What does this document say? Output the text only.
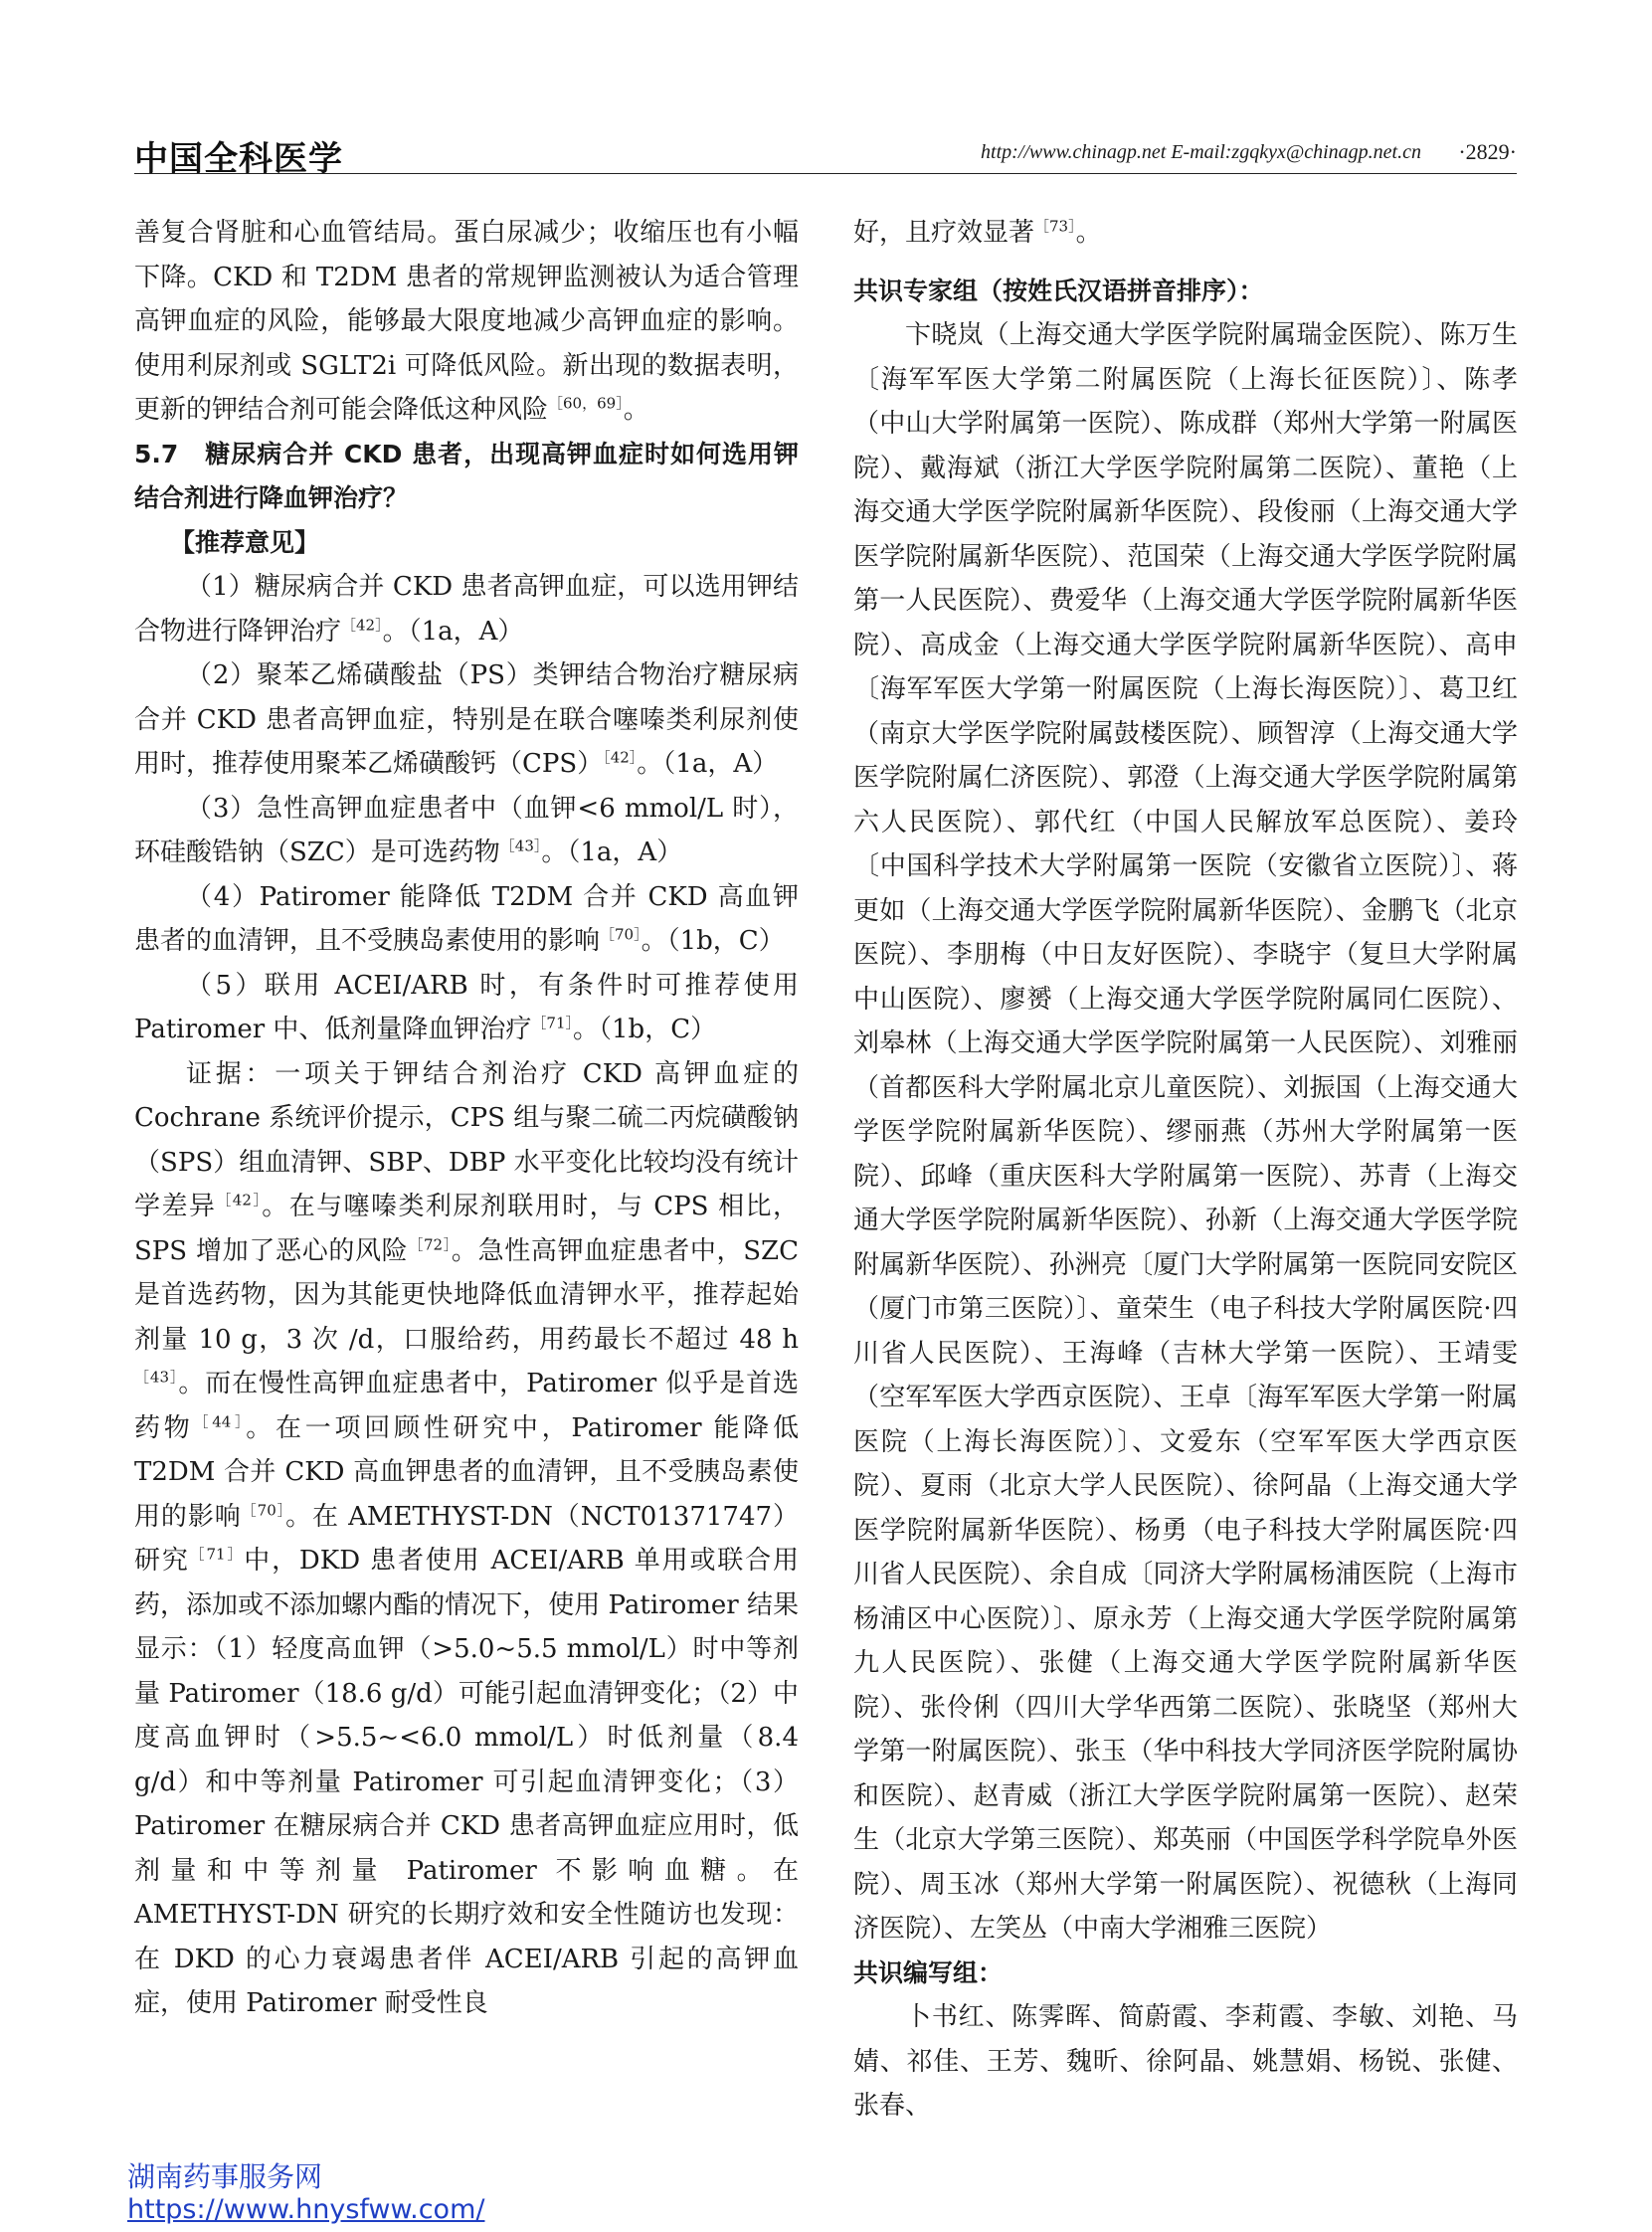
中国全科医学	http://www.chinagp.net E-mail:zgqkyx@chinagp.net.cn ·2829·

善复合肾脏和心血管结局。蛋白尿减少；收缩压也有小幅下降。CKD 和 T2DM 患者的常规钾监测被认为适合管理高钾血症的风险，能够最大限度地减少高钾血症的影响。使用利尿剂或 SGLT2i 可降低风险。新出现的数据表明，更新的钾结合剂可能会降低这种风险$^{[60,69]}$。

5.7　糖尿病合并 CKD 患者，出现高钾血症时如何选用钾结合剂进行降血钾治疗？

【推荐意见】

（1）糖尿病合并 CKD 患者高钾血症，可以选用钾结合物进行降钾治疗$^{[42]}$。（1a，A）

（2）聚苯乙烯磺酸盐（PS）类钾结合物治疗糖尿病合并 CKD 患者高钾血症，特别是在联合噻嗪类利尿剂使用时，推荐使用聚苯乙烯磺酸钙（CPS）$^{[42]}$。（1a，A）

（3）急性高钾血症患者中（血钾<6 mmol/L 时），环硅酸锆钠（SZC）是可选药物$^{[43]}$。（1a，A）

（4）Patiromer 能降低 T2DM 合并 CKD 高血钾患者的血清钾，且不受胰岛素使用的影响$^{[70]}$。（1b，C）

（5）联用 ACEI/ARB 时，有条件时可推荐使用 Patiromer 中、低剂量降血钾治疗$^{[71]}$。（1b，C）

证据：一项关于钾结合剂治疗 CKD 高钾血症的 Cochrane 系统评价提示，CPS 组与聚二硫二丙烷磺酸钠（SPS）组血清钾、SBP、DBP 水平变化比较均没有统计学差异$^{[42]}$。在与噻嗪类利尿剂联用时，与 CPS 相比，SPS 增加了恶心的风险$^{[72]}$。急性高钾血症患者中，SZC 是首选药物，因为其能更快地降低血清钾水平，推荐起始剂量 10 g，3 次 /d，口服给药，用药最长不超过 48 $h^{[43]}$。而在慢性高钾血症患者中，Patiromer 似乎是首选药物$^{[44]}$。在一项回顾性研究中，Patiromer 能降低 T2DM 合并 CKD 高血钾患者的血清钾，且不受胰岛素使用的影响$^{[70]}$。在 AMETHYST-DN（NCT01371747）研究$^{[71]}$中，DKD 患者使用 ACEI/ARB 单用或联合用药，添加或不添加螺内酯的情况下，使用 Patiromer 结果显示：（1）轻度高血钾（>5.0~5.5 mmol/L）时中等剂量 Patiromer（18.6 g/d）可能引起血清钾变化；（2）中度高血钾时（>5.5~<6.0 mmol/L）时低剂量（8.4 g/d）和中等剂量 Patiromer 可引起血清钾变化；（3）Patiromer 在糖尿病合并 CKD 患者高钾血症应用时，低剂量和中等剂量 Patiromer 不影响血糖。在 AMETHYST-DN 研究的长期疗效和安全性随访也发现：在 DKD 的心力衰竭患者伴 ACEI/ARB 引起的高钾血症，使用 Patiromer 耐受性良

好，且疗效显著$^{[73]}$。

共识专家组（按姓氏汉语拼音排序）：

卞晓岚（上海交通大学医学院附属瑞金医院）、陈万生〔海军军医大学第二附属医院（上海长征医院）〕、陈孝（中山大学附属第一医院）、陈成群（郑州大学第一附属医院）、戴海斌（浙江大学医学院附属第二医院）、董艳（上海交通大学医学院附属新华医院）、段俊丽（上海交通大学医学院附属新华医院）、范国荣（上海交通大学医学院附属第一人民医院）、费爱华（上海交通大学医学院附属新华医院）、高成金（上海交通大学医学院附属新华医院）、高申〔海军军医大学第一附属医院（上海长海医院）〕、葛卫红（南京大学医学院附属鼓楼医院）、顾智淳（上海交通大学医学院附属仁济医院）、郭澄（上海交通大学医学院附属第六人民医院）、郭代红（中国人民解放军总医院）、姜玲〔中国科学技术大学附属第一医院（安徽省立医院）〕、蒋更如（上海交通大学医学院附属新华医院）、金鹏飞（北京医院）、李朋梅（中日友好医院）、李晓宇（复旦大学附属中山医院）、廖赟（上海交通大学医学院附属同仁医院）、刘皋林（上海交通大学医学院附属第一人民医院）、刘雅丽（首都医科大学附属北京儿童医院）、刘振国（上海交通大学医学院附属新华医院）、缪丽燕（苏州大学附属第一医院）、邱峰（重庆医科大学附属第一医院）、苏青（上海交通大学医学院附属新华医院）、孙新（上海交通大学医学院附属新华医院）、孙洲亮〔厦门大学附属第一医院同安院区（厦门市第三医院）〕、童荣生（电子科技大学附属医院·四川省人民医院）、王海峰（吉林大学第一医院）、王靖雯（空军军医大学西京医院）、王卓〔海军军医大学第一附属医院（上海长海医院）〕、文爱东（空军军医大学西京医院）、夏雨（北京大学人民医院）、徐阿晶（上海交通大学医学院附属新华医院）、杨勇（电子科技大学附属医院·四川省人民医院）、余自成〔同济大学附属杨浦医院（上海市杨浦区中心医院）〕、原永芳（上海交通大学医学院附属第九人民医院）、张健（上海交通大学医学院附属新华医院）、张伶俐（四川大学华西第二医院）、张晓坚（郑州大学第一附属医院）、张玉（华中科技大学同济医学院附属协和医院）、赵青威（浙江大学医学院附属第一医院）、赵荣生（北京大学第三医院）、郑英丽（中国医学科学院阜外医院）、周玉冰（郑州大学第一附属医院）、祝德秋（上海同济医院）、左笑丛（中南大学湘雅三医院）

共识编写组：

卜书红、陈霁晖、简蔚霞、李莉霞、李敏、刘艳、马婧、祁佳、王芳、魏昕、徐阿晶、姚慧娟、杨锐、张健、张春、

湖南药事服务网
https://www.hnysfww.com/
